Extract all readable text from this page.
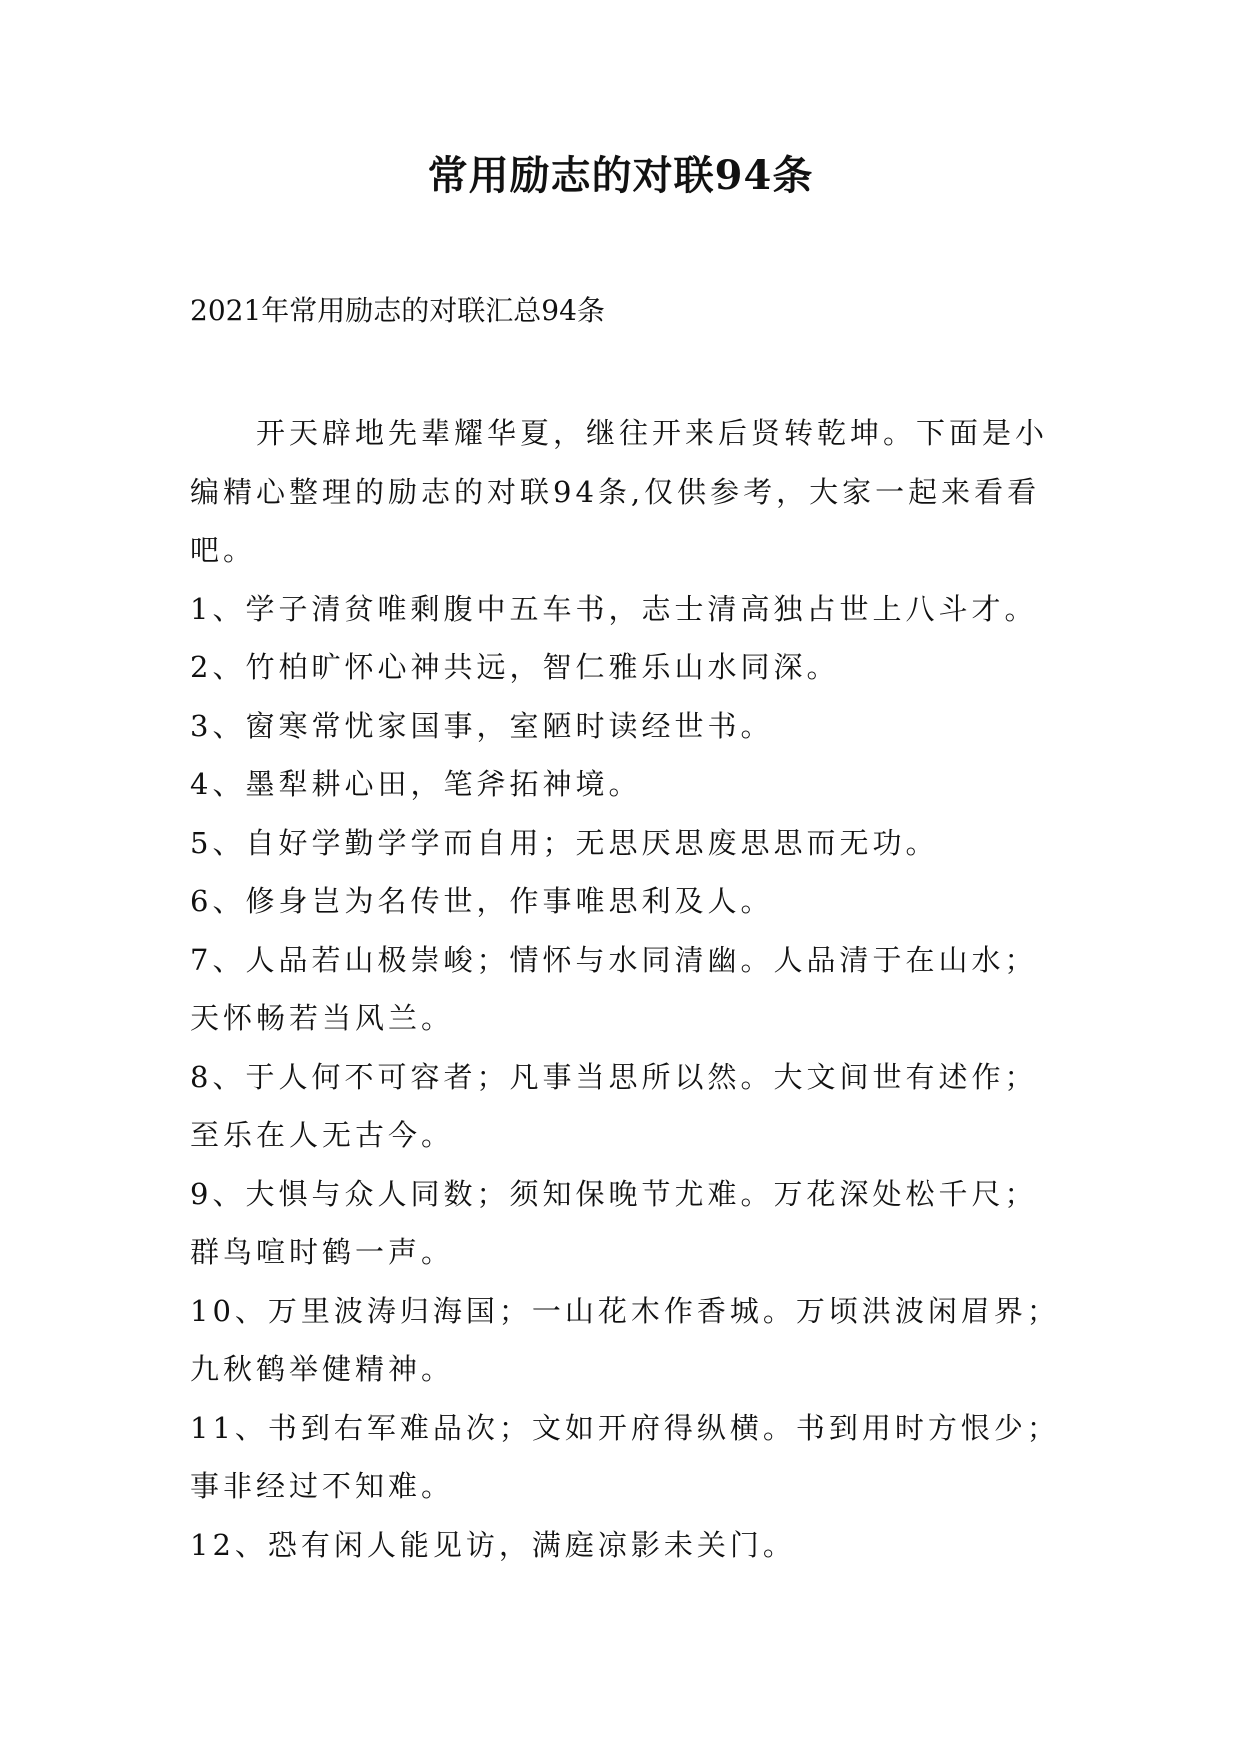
常用励志的对联94条

2021年常用励志的对联汇总94条

开天辟地先辈耀华夏，继往开来后贤转乾坤。下面是小编精心整理的励志的对联94条,仅供参考，大家一起来看看吧。

1、学子清贫唯剩腹中五车书，志士清高独占世上八斗才。

2、竹柏旷怀心神共远，智仁雅乐山水同深。

3、窗寒常忧家国事，室陋时读经世书。

4、墨犁耕心田，笔斧拓神境。

5、自好学勤学学而自用；无思厌思废思思而无功。

6、修身岂为名传世，作事唯思利及人。

7、人品若山极崇峻；情怀与水同清幽。人品清于在山水；天怀畅若当风兰。

8、于人何不可容者；凡事当思所以然。大文间世有述作；至乐在人无古今。

9、大惧与众人同数；须知保晚节尤难。万花深处松千尺；群鸟喧时鹤一声。

10、万里波涛归海国；一山花木作香城。万顷洪波闲眉界；九秋鹤举健精神。

11、书到右军难品次；文如开府得纵横。书到用时方恨少；事非经过不知难。

12、恐有闲人能见访，满庭凉影未关门。
